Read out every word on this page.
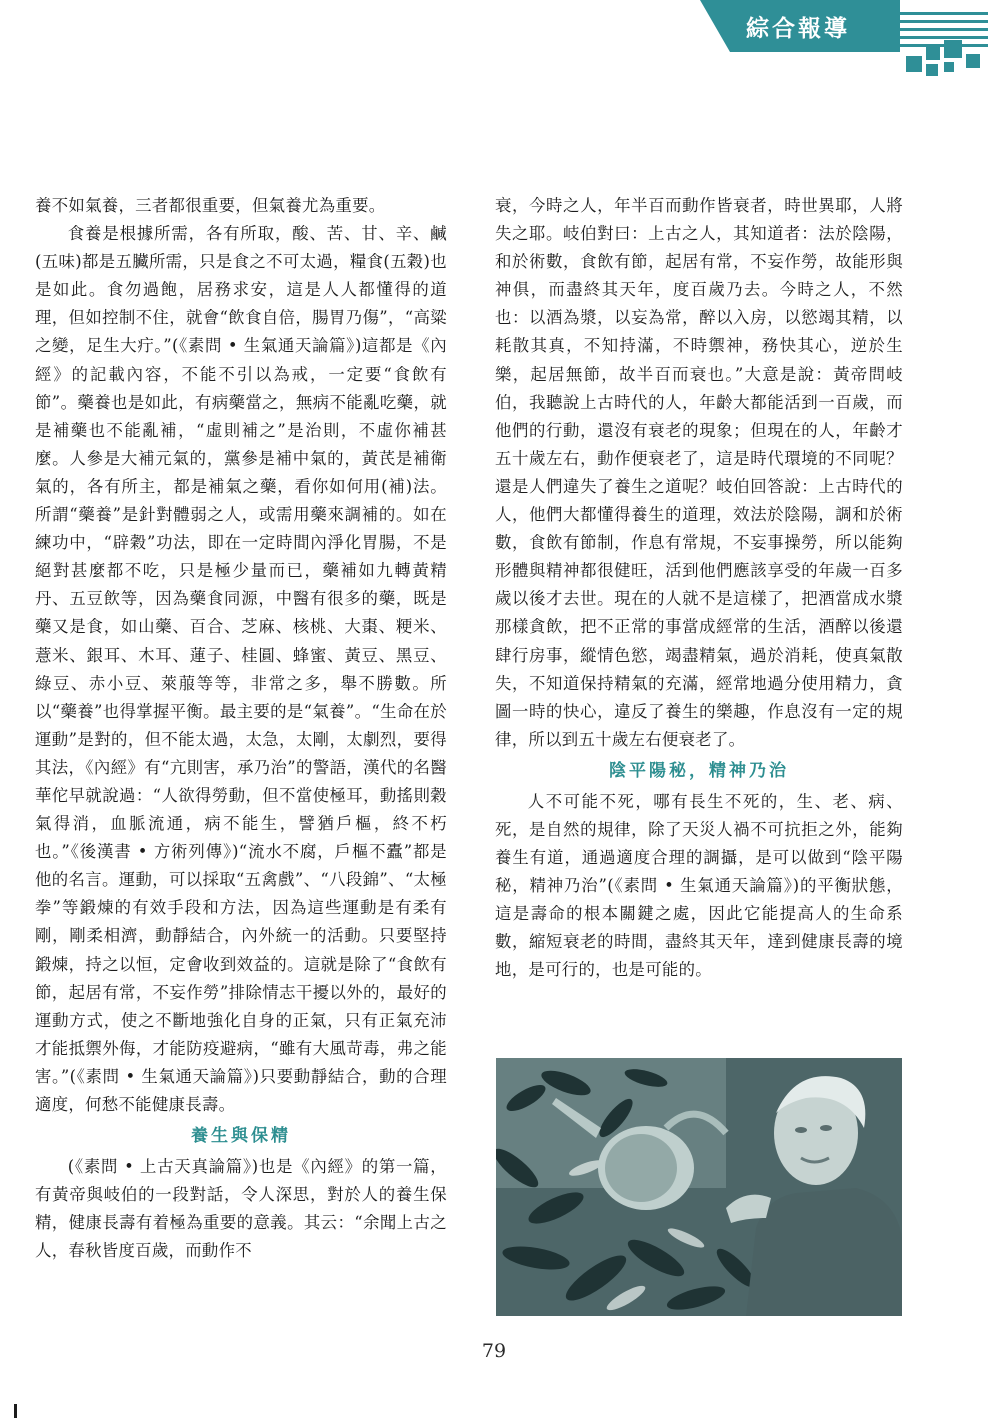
綜合報導

養不如氣養，三者都很重要，但氣養尤為重要。

食養是根據所需，各有所取，酸、苦、甘、辛、鹹(五味)都是五臟所需，只是食之不可太過，糧食(五穀)也是如此。食勿過飽，居務求安，這是人人都懂得的道理，但如控制不住，就會“飲食自倍，腸胃乃傷”，“高粱之變，足生大疔。”(《素問 • 生氣通天論篇》)這都是《內經》的記載內容，不能不引以為戒，一定要“食飲有節”。藥養也是如此，有病藥當之，無病不能亂吃藥，就是補藥也不能亂補，“虛則補之”是治則，不虛你補甚麼。人參是大補元氣的，黨參是補中氣的，黃芪是補衛氣的，各有所主，都是補氣之藥，看你如何用(補)法。所謂“藥養”是針對體弱之人，或需用藥來調補的。如在練功中，“辟穀”功法，即在一定時間內淨化胃腸，不是絕對甚麼都不吃，只是極少量而已，藥補如九轉黃精丹、五豆飲等，因為藥食同源，中醫有很多的藥，既是藥又是食，如山藥、百合、芝麻、核桃、大棗、粳米、薏米、銀耳、木耳、蓮子、桂圓、蜂蜜、黃豆、黑豆、綠豆、赤小豆、萊菔等等，非常之多，舉不勝數。所以“藥養”也得掌握平衡。最主要的是“氣養”。“生命在於運動”是對的，但不能太過，太急，太剛，太劇烈，要得其法，《內經》有“亢則害，承乃治”的警語，漢代的名醫華佗早就說過：“人欲得勞動，但不當使極耳，動搖則穀氣得消，血脈流通，病不能生，譬猶戶樞，終不朽也。”《後漢書 • 方術列傳》)“流水不腐，戶樞不蠹”都是他的名言。運動，可以採取“五禽戲”、“八段錦”、“太極拳”等鍛煉的有效手段和方法，因為這些運動是有柔有剛，剛柔相濟，動靜結合，內外統一的活動。只要堅持鍛煉，持之以恒，定會收到效益的。這就是除了“食飲有節，起居有常，不妄作勞”排除情志干擾以外的，最好的運動方式，使之不斷地強化自身的正氣，只有正氣充沛才能抵禦外侮，才能防疫避病，“雖有大風苛毒，弗之能害。”(《素問 • 生氣通天論篇》)只要動靜結合，動的合理適度，何愁不能健康長壽。

養生與保精

(《素問 • 上古天真論篇》)也是《內經》的第一篇，有黃帝與岐伯的一段對話，令人深思，對於人的養生保精，健康長壽有着極為重要的意義。其云：“余聞上古之人，春秋皆度百歲，而動作不

衰，今時之人，年半百而動作皆衰者，時世異耶，人將失之耶。岐伯對曰：上古之人，其知道者：法於陰陽，和於術數，食飲有節，起居有常，不妄作勞，故能形與神俱，而盡終其天年，度百歲乃去。今時之人，不然也：以酒為漿，以妄為常，醉以入房，以慾竭其精，以耗散其真，不知持滿，不時禦神，務快其心，逆於生樂，起居無節，故半百而衰也。”大意是說：黃帝問岐伯，我聽說上古時代的人，年齡大都能活到一百歲，而他們的行動，還沒有衰老的現象；但現在的人，年齡才五十歲左右，動作便衰老了，這是時代環境的不同呢？還是人們違失了養生之道呢？岐伯回答說：上古時代的人，他們大都懂得養生的道理，效法於陰陽，調和於術數，食飲有節制，作息有常規，不妄事操勞，所以能夠形體與精神都很健旺，活到他們應該享受的年歲一百多歲以後才去世。現在的人就不是這樣了，把酒當成水漿那樣貪飲，把不正常的事當成經常的生活，酒醉以後還肆行房事，縱情色慾，竭盡精氣，過於消耗，使真氣散失，不知道保持精氣的充滿，經常地過分使用精力，貪圖一時的快心，違反了養生的樂趣，作息沒有一定的規律，所以到五十歲左右便衰老了。

陰平陽秘，精神乃治

人不可能不死，哪有長生不死的，生、老、病、死，是自然的規律，除了天災人禍不可抗拒之外，能夠養生有道，通過適度合理的調攝，是可以做到“陰平陽秘，精神乃治”(《素問 • 生氣通天論篇》)的平衡狀態，這是壽命的根本關鍵之處，因此它能提高人的生命系數，縮短衰老的時間，盡終其天年，達到健康長壽的境地，是可行的，也是可能的。

79
